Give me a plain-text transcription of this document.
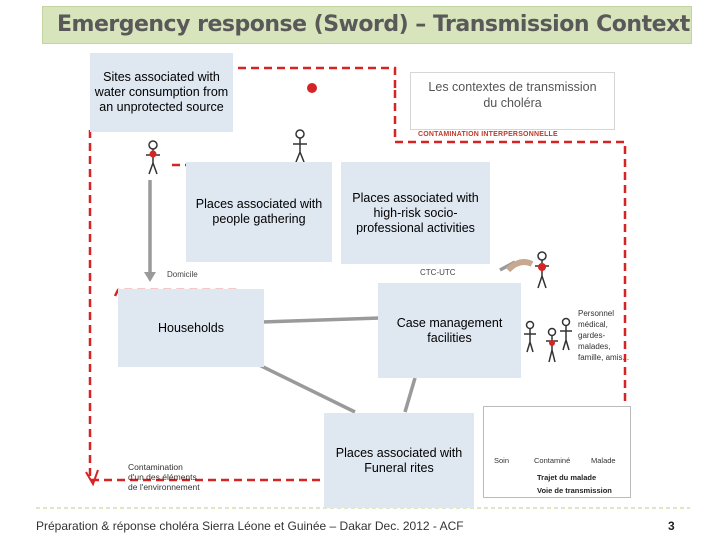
Emergency response (Sword) – Transmission Context
Les contextes de transmission
du choléra
CONTAMINATION INTERPERSONNELLE
Domicile	CTC-UTC
Personnel médical, gardes-malades, famille, amis...
Contamination
d'un des éléments
de l'environnement
Sites associated with water consumption from an unprotected source
Places associated with people gathering
Places associated with high-risk socio-professional activities
Households	Case management facilities
Places associated with Funeral rites	Soin	Contaminé	Malade
Trajet du malade
Voie de transmission
Préparation & réponse choléra Sierra Léone et Guinée – Dakar Dec. 2012 - ACF	3
